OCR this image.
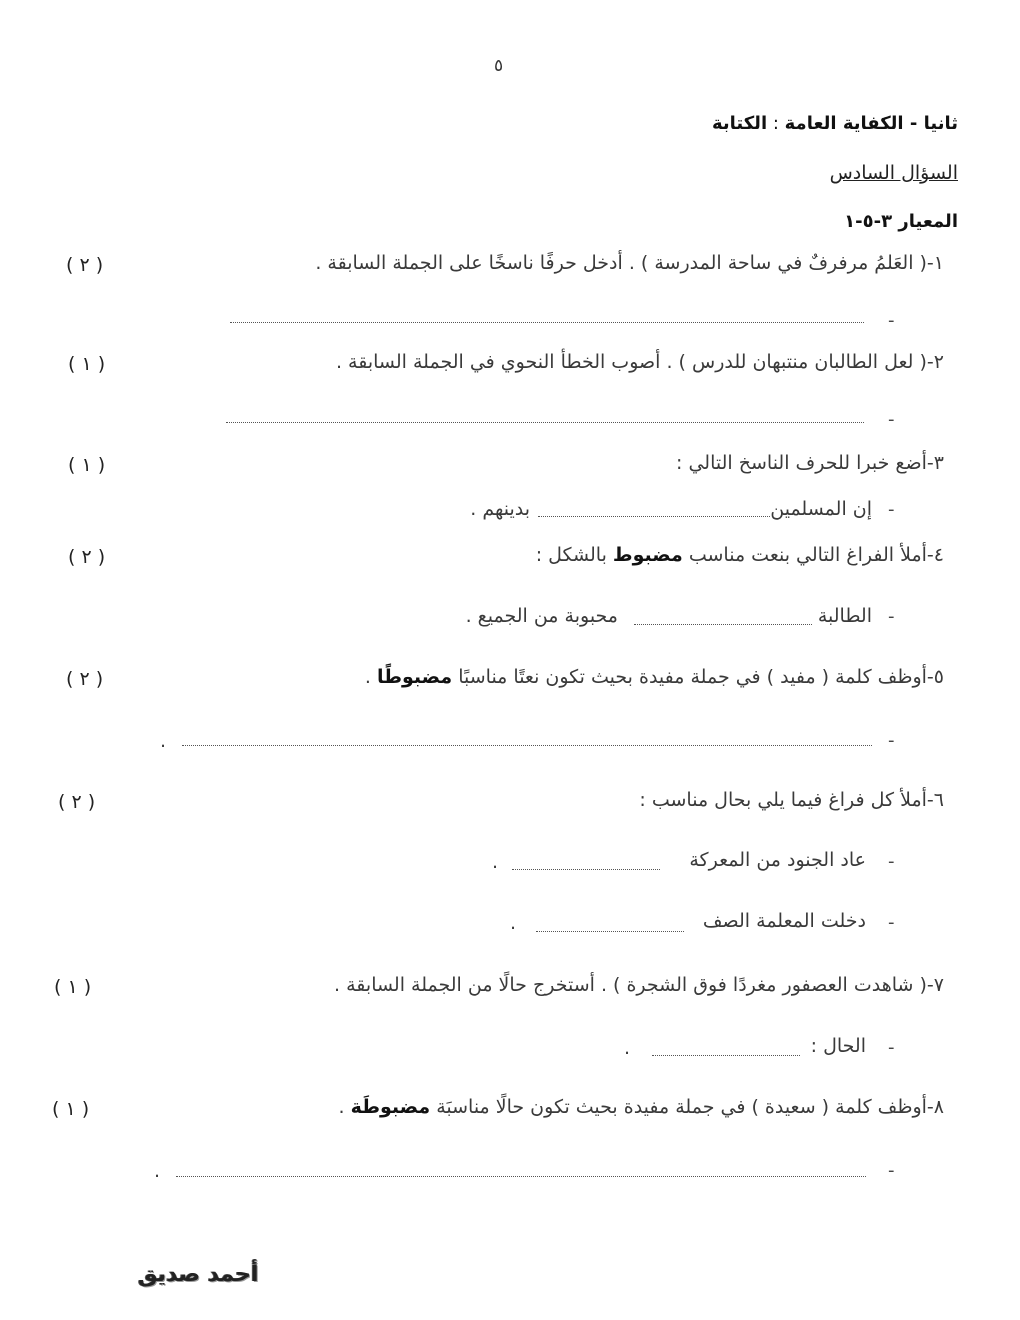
٥
ثانيا - الكفاية العامة : الكتابة
السؤال السادس
المعيار ٣-٥-١
١-( العَلمُ مرفرفٌ في ساحة المدرسة ) . أدخل حرفًا ناسخًا على الجملة السابقة .
( ٢ )
-
٢-( لعل الطالبان منتبهان للدرس ) . أصوب الخطأ النحوي في الجملة السابقة .
( ١ )
-
٣-أضع خبرا للحرف الناسخ التالي :
( ١ )
-
إن المسلمين
بدينهم .
٤-أملأ الفراغ التالي بنعت مناسب مضبوط بالشكل :
( ٢ )
-
الطالبة
محبوبة من الجميع .
٥-أوظف كلمة ( مفيد ) في جملة مفيدة بحيث تكون نعتًا مناسبًا مضبوطًا .
( ٢ )
-
.
٦-أملأ كل فراغ فيما يلي بحال مناسب :
( ٢ )
-
عاد الجنود من المعركة
.
-
دخلت المعلمة الصف
.
٧-( شاهدت العصفور مغردًا فوق الشجرة ) . أستخرج حالًا من الجملة السابقة .
( ١ )
-
الحال :
.
٨-أوظف كلمة ( سعيدة ) في جملة مفيدة بحيث تكون حالًا مناسبَة مضبوطَة .
( ١ )
-
.
أحمد صديق
